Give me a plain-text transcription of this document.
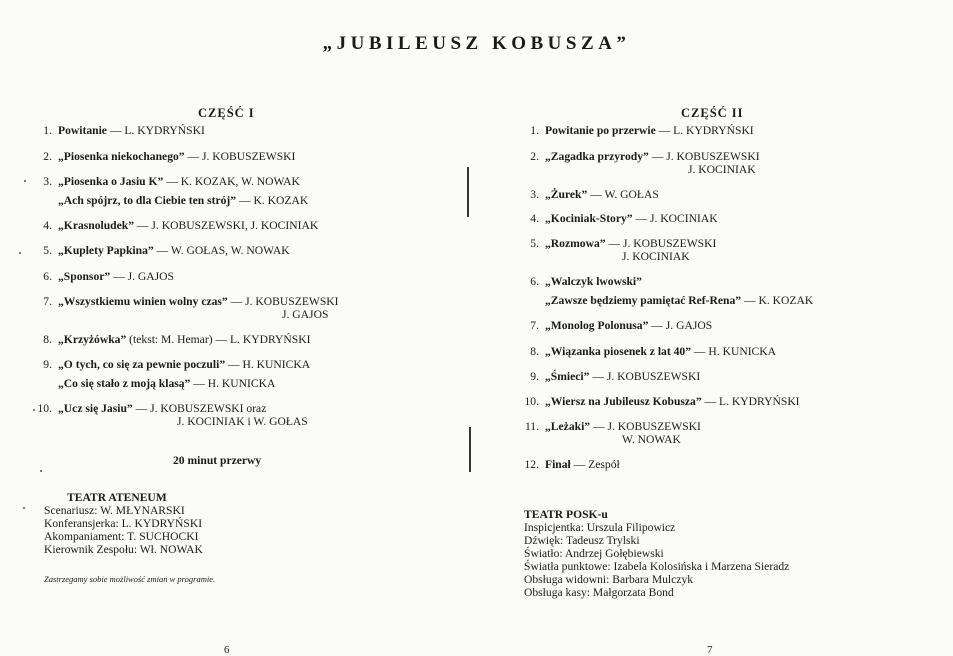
„JUBILEUSZ KOBUSZA”
CZĘŚĆ I
1. Powitanie — L. KYDRYŃSKI
2. „Piosenka niekochanego” — J. KOBUSZEWSKI
3. „Piosenka o Jasiu K” — K. KOZAK, W. NOWAK
„Ach spójrz, to dla Ciebie ten strój” — K. KOZAK
4. „Krasnoludek” — J. KOBUSZEWSKI, J. KOCINIAK
5. „Kuplety Papkina” — W. GOŁAS, W. NOWAK
6. „Sponsor” — J. GAJOS
7. „Wszystkiemu winien wolny czas” — J. KOBUSZEWSKI
J. GAJOS
8. „Krzyżówka” (tekst: M. Hemar) — L. KYDRYŃSKI
9. „O tych, co się za pewnie poczuli” — H. KUNICKA
„Co się stało z moją klasą” — H. KUNICKA
10. „Ucz się Jasiu” — J. KOBUSZEWSKI oraz
J. KOCINIAK i W. GOŁAS
20 minut przerwy
TEATR ATENEUM
Scenariusz: W. MŁYNARSKI
Konferansjerka: L. KYDRYŃSKI
Akompaniament: T. SUCHOCKI
Kierownik Zespołu: Wł. NOWAK
Zastrzegamy sobie możliwość zmian w programie.
6
CZĘŚĆ II
1. Powitanie po przerwie — L. KYDRYŃSKI
2. „Zagadka przyrody” — J. KOBUSZEWSKI
J. KOCINIAK
3. „Żurek” — W. GOŁAS
4. „Kociniak-Story” — J. KOCINIAK
5. „Rozmowa” — J. KOBUSZEWSKI
J. KOCINIAK
6. „Walczyk lwowski”
„Zawsze będziemy pamiętać Ref-Rena” — K. KOZAK
7. „Monolog Polonusa” — J. GAJOS
8. „Wiązanka piosenek z lat 40” — H. KUNICKA
9. „Śmieci” — J. KOBUSZEWSKI
10. „Wiersz na Jubileusz Kobusza” — L. KYDRYŃSKI
11. „Leżaki” — J. KOBUSZEWSKI
W. NOWAK
12. Finał — Zespół
TEATR POSK-u
Inspicjentka: Urszula Filipowicz
Dźwięk: Tadeusz Trylski
Światło: Andrzej Gołębiewski
Światła punktowe: Izabela Kolosińska i Marzena Sieradz
Obsługa widowni: Barbara Mulczyk
Obsługa kasy: Małgorzata Bond
7
